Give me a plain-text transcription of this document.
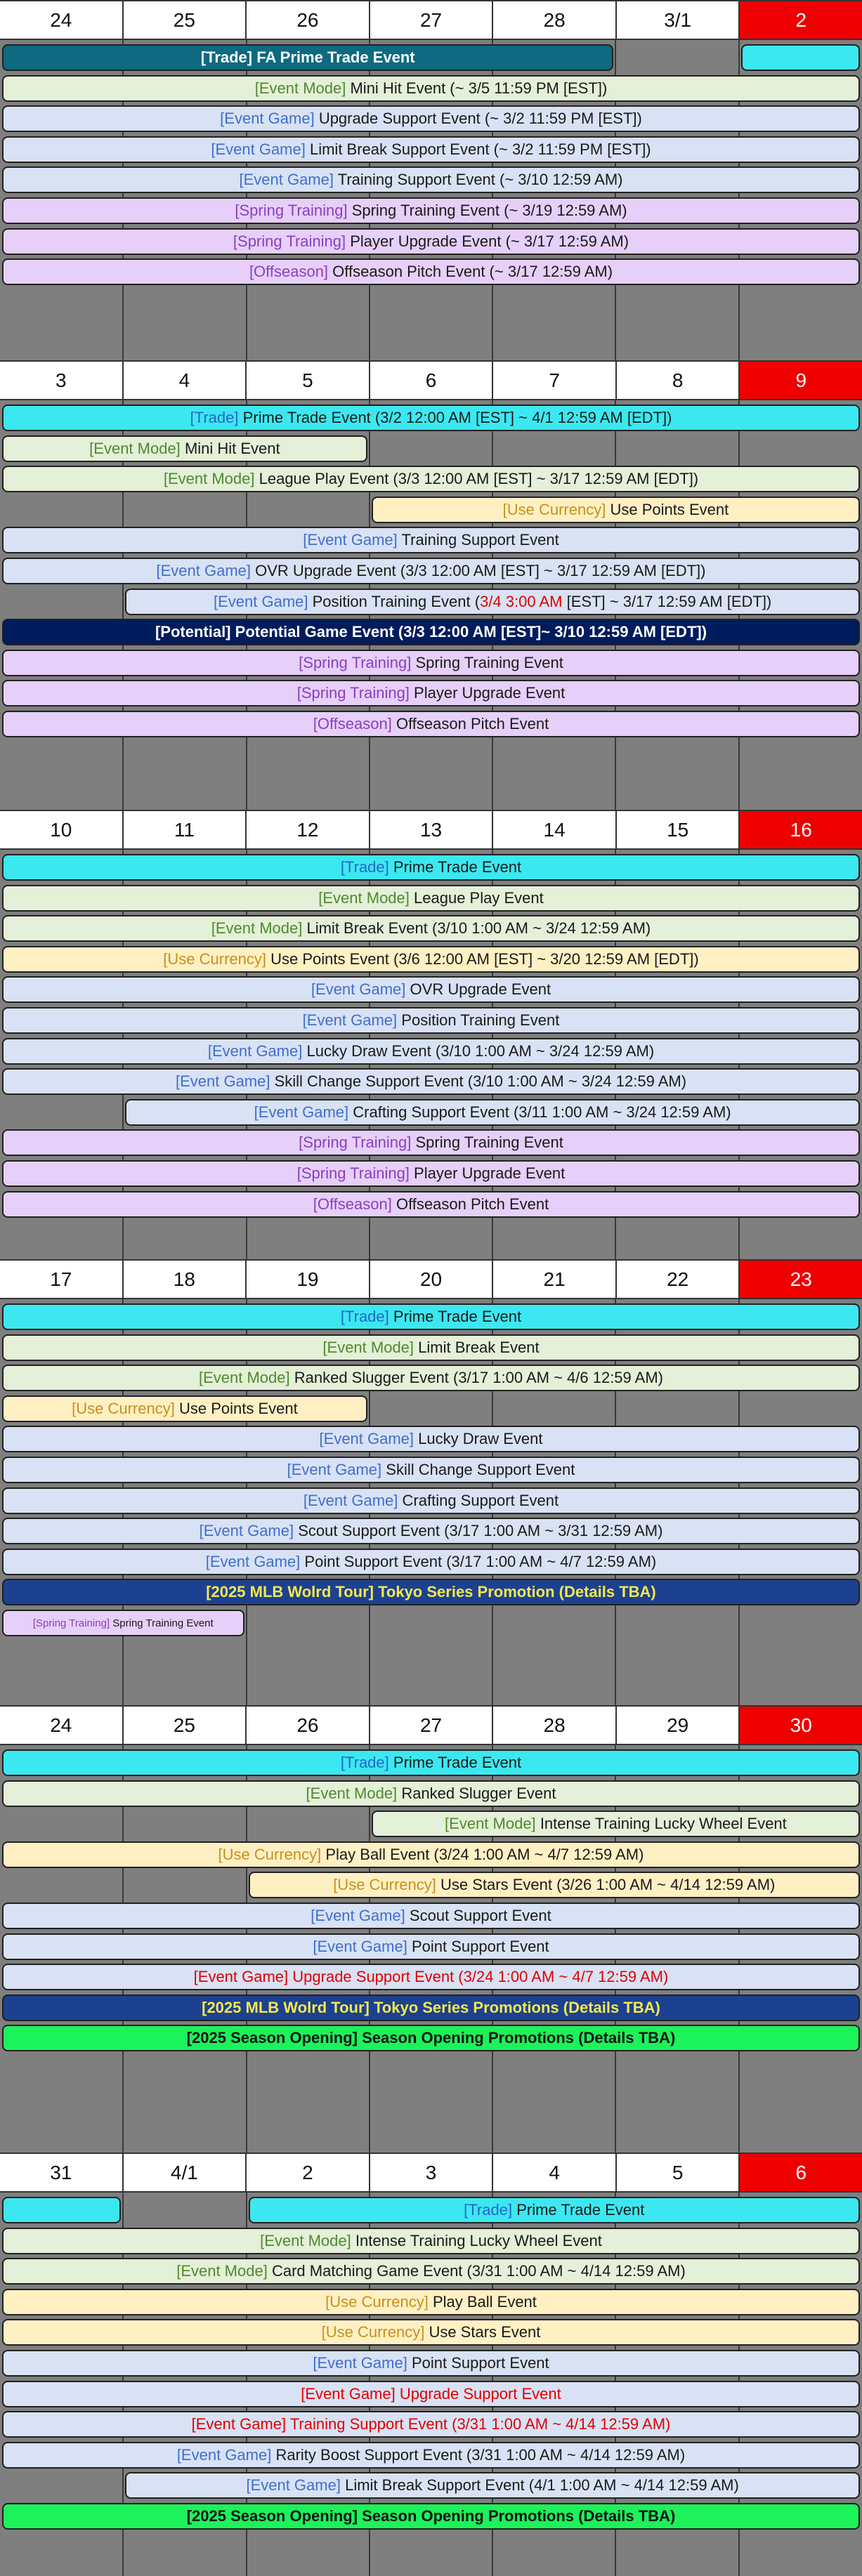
24	25	26	27	28	3/1	2
[Trade] FA Prime Trade Event
[Event Mode] Mini Hit Event (~ 3/5 11:59 PM [EST])
[Event Game] Upgrade Support Event (~ 3/2 11:59 PM [EST])
[Event Game] Limit Break Support Event (~ 3/2 11:59 PM [EST])
[Event Game] Training Support Event (~ 3/10 12:59 AM)
[Spring Training] Spring Training Event (~ 3/19 12:59 AM)
[Spring Training] Player Upgrade Event (~ 3/17 12:59 AM)
[Offseason] Offseason Pitch Event (~ 3/17 12:59 AM)
3	4	5	6	7	8	9
[Trade] Prime Trade Event (3/2 12:00 AM [EST] ~ 4/1 12:59 AM [EDT])
[Event Mode] Mini Hit Event
[Event Mode] League Play Event (3/3 12:00 AM [EST] ~ 3/17 12:59 AM [EDT])
[Use Currency] Use Points Event
[Event Game] Training Support Event
[Event Game] OVR Upgrade Event (3/3 12:00 AM [EST] ~ 3/17 12:59 AM [EDT])
[Event Game] Position Training Event (3/4 3:00 AM [EST] ~ 3/17 12:59 AM [EDT])
[Potential] Potential Game Event (3/3 12:00 AM [EST]~ 3/10 12:59 AM [EDT])
[Spring Training] Spring Training Event
[Spring Training] Player Upgrade Event
[Offseason] Offseason Pitch Event
10	11	12	13	14	15	16
[Trade] Prime Trade Event
[Event Mode] League Play Event
[Event Mode] Limit Break Event (3/10 1:00 AM ~ 3/24 12:59 AM)
[Use Currency] Use Points Event (3/6 12:00 AM [EST] ~ 3/20 12:59 AM [EDT])
[Event Game] OVR Upgrade Event
[Event Game] Position Training Event
[Event Game] Lucky Draw Event (3/10 1:00 AM ~ 3/24 12:59 AM)
[Event Game] Skill Change Support Event (3/10 1:00 AM ~ 3/24 12:59 AM)
[Event Game] Crafting Support Event (3/11 1:00 AM ~ 3/24 12:59 AM)
[Spring Training] Spring Training Event
[Spring Training] Player Upgrade Event
[Offseason] Offseason Pitch Event
17	18	19	20	21	22	23
[Trade] Prime Trade Event
[Event Mode] Limit Break Event
[Event Mode] Ranked Slugger Event (3/17 1:00 AM ~ 4/6 12:59 AM)
[Use Currency] Use Points Event
[Event Game] Lucky Draw Event
[Event Game] Skill Change Support Event
[Event Game] Crafting Support Event
[Event Game] Scout Support Event (3/17 1:00 AM ~ 3/31 12:59 AM)
[Event Game] Point Support Event (3/17 1:00 AM ~ 4/7 12:59 AM)
[2025 MLB Wolrd Tour] Tokyo Series Promotion (Details TBA)
[Spring Training] Spring Training Event
24	25	26	27	28	29	30
[Trade] Prime Trade Event
[Event Mode] Ranked Slugger Event
[Event Mode] Intense Training Lucky Wheel Event
[Use Currency] Play Ball Event (3/24 1:00 AM ~ 4/7 12:59 AM)
[Use Currency] Use Stars Event (3/26 1:00 AM ~ 4/14 12:59 AM)
[Event Game] Scout Support Event
[Event Game] Point Support Event
[Event Game] Upgrade Support Event (3/24 1:00 AM ~ 4/7 12:59 AM)
[2025 MLB Wolrd Tour] Tokyo Series Promotions (Details TBA)
[2025 Season Opening] Season Opening Promotions (Details TBA)
31	4/1	2	3	4	5	6
[Trade] Prime Trade Event
[Event Mode] Intense Training Lucky Wheel Event
[Event Mode] Card Matching Game Event (3/31 1:00 AM ~ 4/14 12:59 AM)
[Use Currency] Play Ball Event
[Use Currency] Use Stars Event
[Event Game] Point Support Event
[Event Game] Upgrade Support Event
[Event Game] Training Support Event (3/31 1:00 AM ~ 4/14 12:59 AM)
[Event Game] Rarity Boost Support Event (3/31 1:00 AM ~ 4/14 12:59 AM)
[Event Game] Limit Break Support Event (4/1 1:00 AM ~ 4/14 12:59 AM)
[2025 Season Opening] Season Opening Promotions (Details TBA)
